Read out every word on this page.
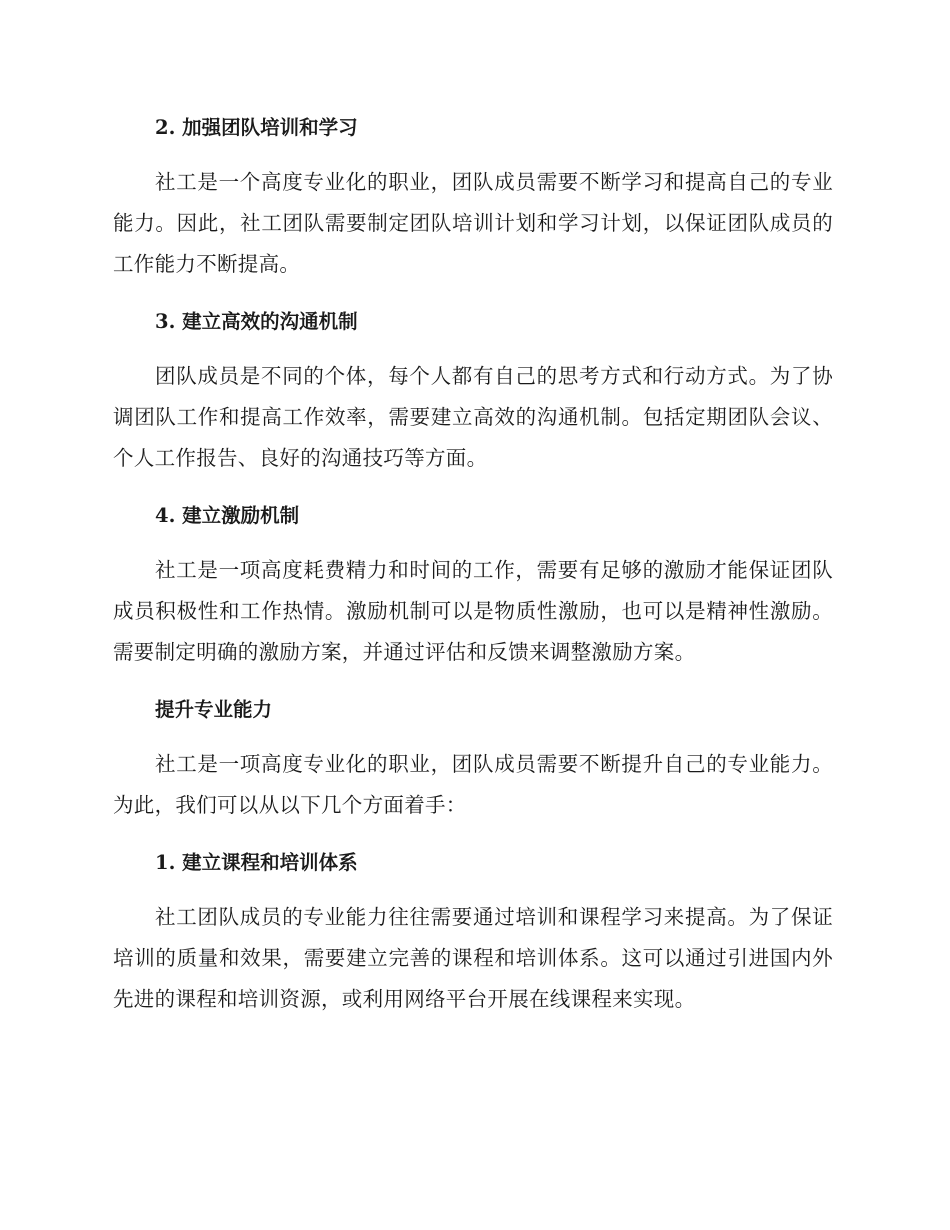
2. 加强团队培训和学习

社工是一个高度专业化的职业，团队成员需要不断学习和提高自己的专业能力。因此，社工团队需要制定团队培训计划和学习计划，以保证团队成员的工作能力不断提高。

3. 建立高效的沟通机制

团队成员是不同的个体，每个人都有自己的思考方式和行动方式。为了协调团队工作和提高工作效率，需要建立高效的沟通机制。包括定期团队会议、个人工作报告、良好的沟通技巧等方面。

4. 建立激励机制

社工是一项高度耗费精力和时间的工作，需要有足够的激励才能保证团队成员积极性和工作热情。激励机制可以是物质性激励，也可以是精神性激励。需要制定明确的激励方案，并通过评估和反馈来调整激励方案。

提升专业能力

社工是一项高度专业化的职业，团队成员需要不断提升自己的专业能力。为此，我们可以从以下几个方面着手：

1. 建立课程和培训体系

社工团队成员的专业能力往往需要通过培训和课程学习来提高。为了保证培训的质量和效果，需要建立完善的课程和培训体系。这可以通过引进国内外先进的课程和培训资源，或利用网络平台开展在线课程来实现。
